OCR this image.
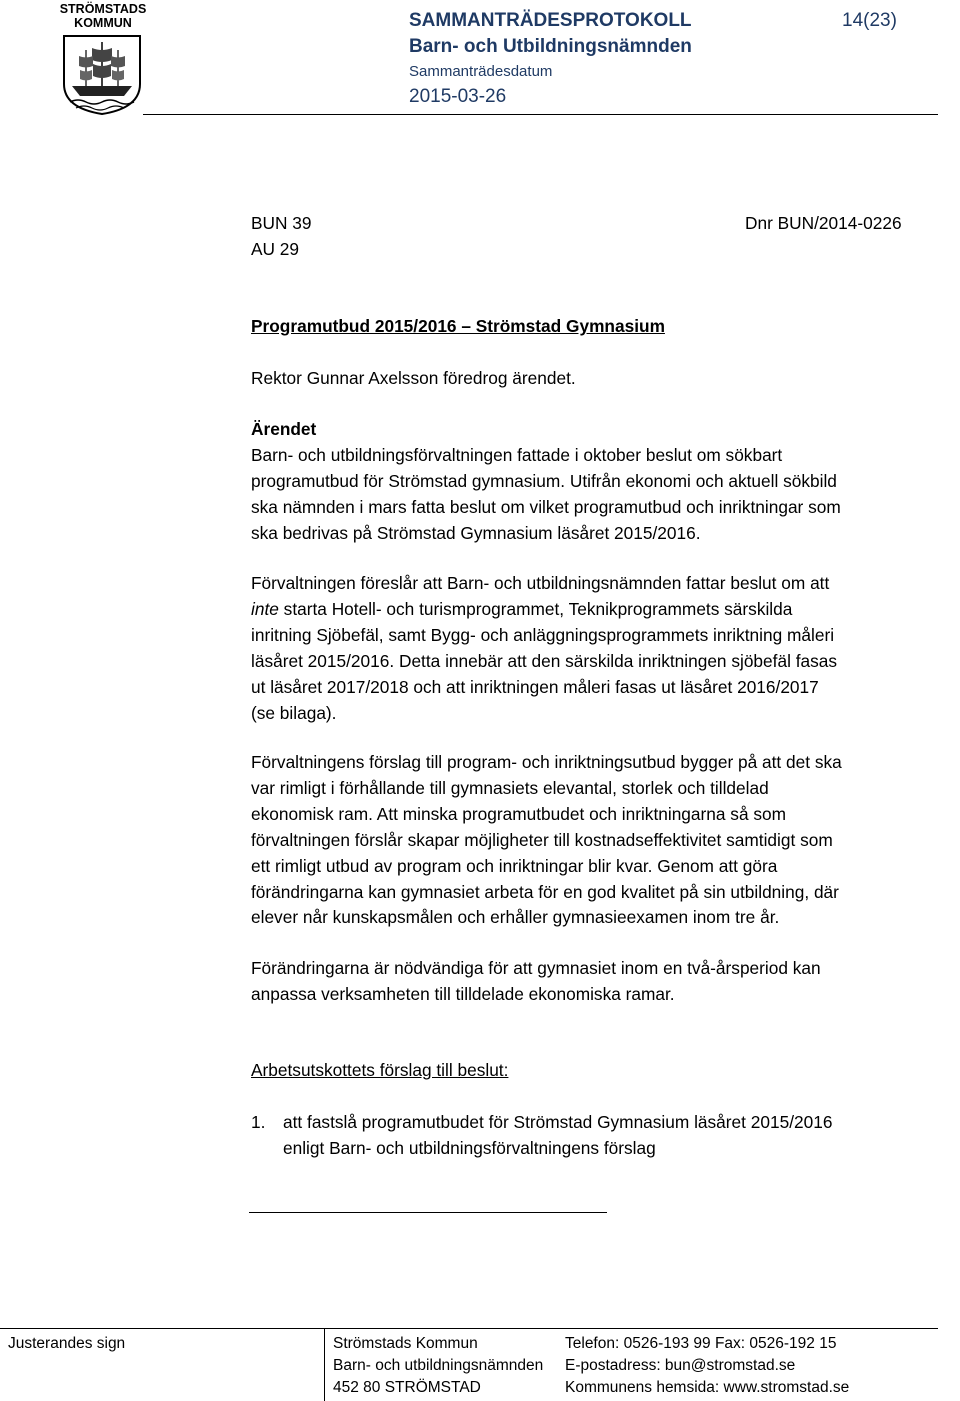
STRÖMSTADS
KOMMUN	SAMMANTRÄDESPROTOKOLL
Barn- och Utbildningsnämnden
Sammanträdesdatum
2015-03-26
14(23)
BUN 39
AU 29
Dnr BUN/2014-0226
Programutbud 2015/2016 – Strömstad Gymnasium
Rektor Gunnar Axelsson föredrog ärendet.
Ärendet
Barn- och utbildningsförvaltningen fattade i oktober beslut om sökbart
programutbud för Strömstad gymnasium. Utifrån ekonomi och aktuell sökbild
ska nämnden i mars fatta beslut om vilket programutbud och inriktningar som
ska bedrivas på Strömstad Gymnasium läsåret 2015/2016.
Förvaltningen föreslår att Barn- och utbildningsnämnden fattar beslut om att
inte starta Hotell- och turismprogrammet, Teknikprogrammets särskilda
inritning Sjöbefäl, samt Bygg- och anläggningsprogrammets inriktning måleri
läsåret 2015/2016. Detta innebär att den särskilda inriktningen sjöbefäl fasas
ut läsåret 2017/2018 och att inriktningen måleri fasas ut läsåret 2016/2017
(se bilaga).
Förvaltningens förslag till program- och inriktningsutbud bygger på att det ska
var rimligt i förhållande till gymnasiets elevantal, storlek och tilldelad
ekonomisk ram. Att minska programutbudet och inriktningarna så som
förvaltningen förslår skapar möjligheter till kostnadseffektivitet samtidigt som
ett rimligt utbud av program och inriktningar blir kvar. Genom att göra
förändringarna kan gymnasiet arbeta för en god kvalitet på sin utbildning, där
elever når kunskapsmålen och erhåller gymnasieexamen inom tre år.
Förändringarna är nödvändiga för att gymnasiet inom en två-årsperiod kan
anpassa verksamheten till tilldelade ekonomiska ramar.
Arbetsutskottets förslag till beslut:
1. att fastslå programutbudet för Strömstad Gymnasium läsåret 2015/2016
enligt Barn- och utbildningsförvaltningens förslag
Justerandes sign	Strömstads Kommun
Barn- och utbildningsnämnden
452 80 STRÖMSTAD
Telefon: 0526-193 99 Fax: 0526-192 15
E-postadress: bun@stromstad.se
Kommunens hemsida: www.stromstad.se
